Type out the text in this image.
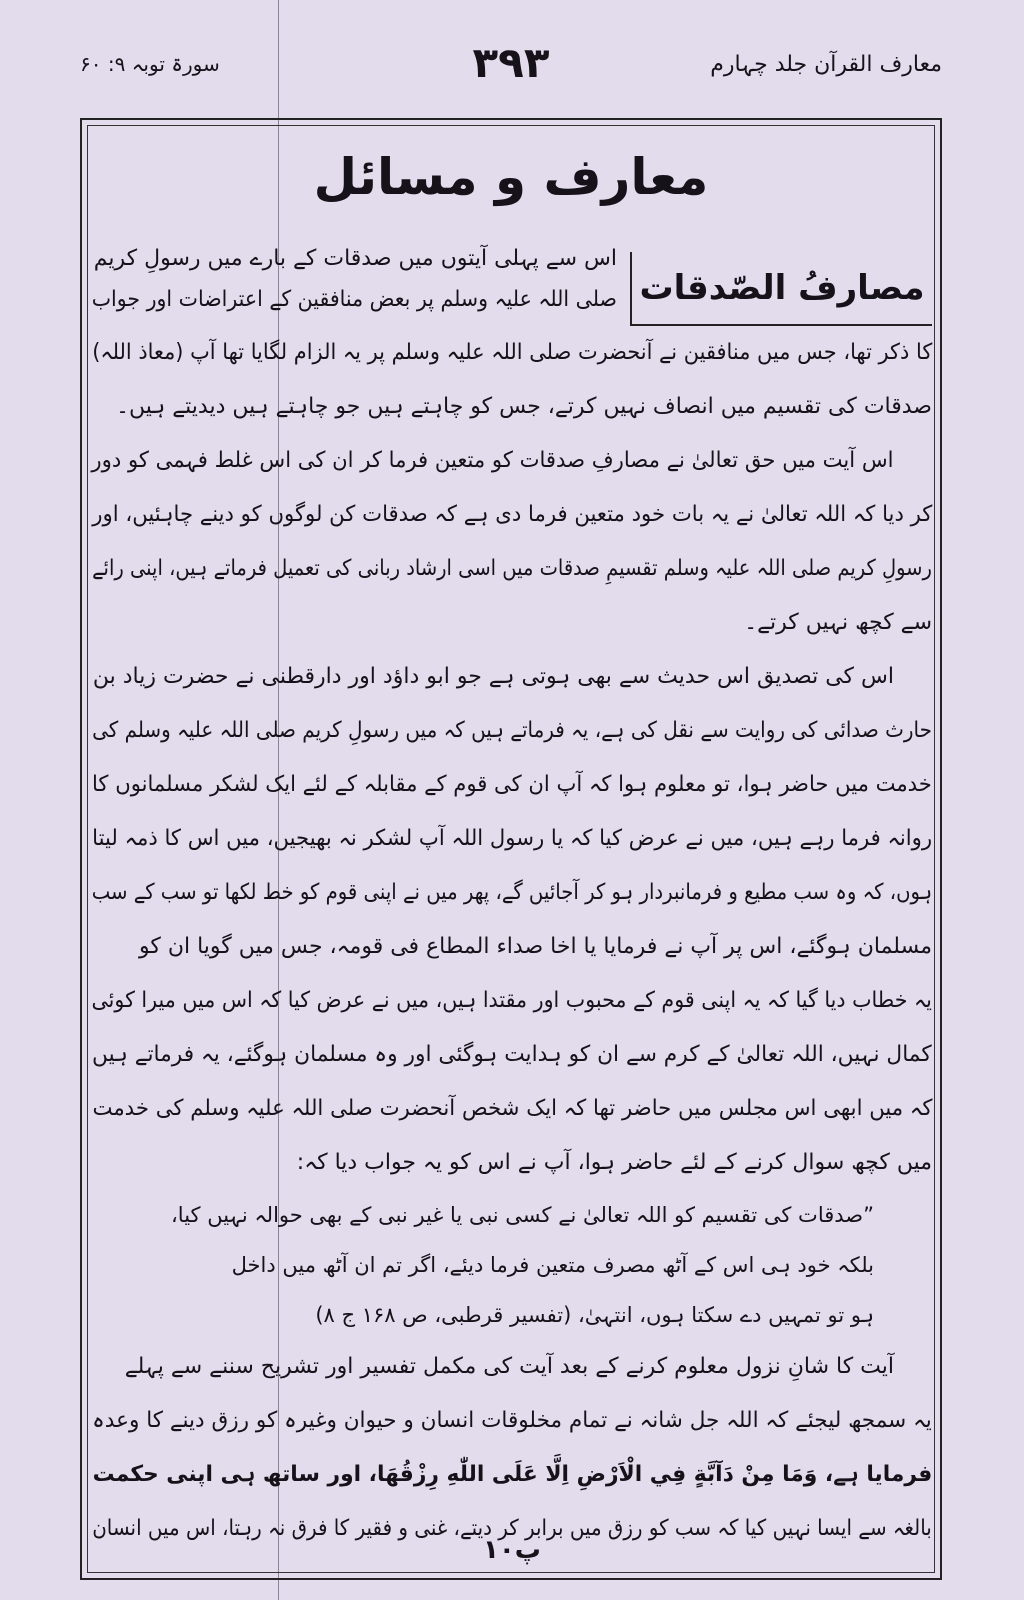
معارف القرآن جلد چہارم
۳۹۳
سورۃ توبہ ۹: ۶۰
معارف و مسائل
مصارفُ الصّدقات
اس سے پہلی آیتوں میں صدقات کے بارے میں رسولِ کریم
صلی اللہ علیہ وسلم پر بعض منافقین کے اعتراضات اور جواب
کا ذکر تھا، جس میں منافقین نے آنحضرت صلی اللہ علیہ وسلم پر یہ الزام لگایا تھا آپ (معاذ اللہ)
صدقات کی تقسیم میں انصاف نہیں کرتے، جس کو چاہتے ہیں جو چاہتے ہیں دیدیتے ہیں۔
اس آیت میں حق تعالیٰ نے مصارفِ صدقات کو متعین فرما کر ان کی اس غلط فہمی کو دور
کر دیا کہ اللہ تعالیٰ نے یہ بات خود متعین فرما دی ہے کہ صدقات کن لوگوں کو دینے چاہئیں، اور
رسولِ کریم صلی اللہ علیہ وسلم تقسیمِ صدقات میں اسی ارشاد ربانی کی تعمیل فرماتے ہیں، اپنی رائے
سے کچھ نہیں کرتے۔
اس کی تصدیق اس حدیث سے بھی ہوتی ہے جو ابو داؤد اور دارقطنی نے حضرت زیاد بن
حارث صدائی کی روایت سے نقل کی ہے، یہ فرماتے ہیں کہ میں رسولِ کریم صلی اللہ علیہ وسلم کی
خدمت میں حاضر ہوا، تو معلوم ہوا کہ آپ ان کی قوم کے مقابلہ کے لئے ایک لشکر مسلمانوں کا
روانہ فرما رہے ہیں، میں نے عرض کیا کہ یا رسول اللہ آپ لشکر نہ بھیجیں، میں اس کا ذمہ لیتا
ہوں، کہ وہ سب مطیع و فرمانبردار ہو کر آجائیں گے، پھر میں نے اپنی قوم کو خط لکھا تو سب کے سب
مسلمان ہوگئے، اس پر آپ نے فرمایا یا اخا صداء المطاع فی قومہ، جس میں گویا ان کو
یہ خطاب دیا گیا کہ یہ اپنی قوم کے محبوب اور مقتدا ہیں، میں نے عرض کیا کہ اس میں میرا کوئی
کمال نہیں، اللہ تعالیٰ کے کرم سے ان کو ہدایت ہوگئی اور وہ مسلمان ہوگئے، یہ فرماتے ہیں
کہ میں ابھی اس مجلس میں حاضر تھا کہ ایک شخص آنحضرت صلی اللہ علیہ وسلم کی خدمت
میں کچھ سوال کرنے کے لئے حاضر ہوا، آپ نے اس کو یہ جواب دیا کہ:
”صدقات کی تقسیم کو اللہ تعالیٰ نے کسی نبی یا غیر نبی کے بھی حوالہ نہیں کیا،
بلکہ خود ہی اس کے آٹھ مصرف متعین فرما دیئے، اگر تم ان آٹھ میں داخل
ہو تو تمہیں دے سکتا ہوں، انتہیٰ، (تفسیر قرطبی، ص ۱۶۸ ج ۸)
آیت کا شانِ نزول معلوم کرنے کے بعد آیت کی مکمل تفسیر اور تشریح سننے سے پہلے
یہ سمجھ لیجئے کہ اللہ جل شانہ نے تمام مخلوقات انسان و حیوان وغیرہ کو رزق دینے کا وعدہ
فرمایا ہے، وَمَا مِنْ دَآبَّةٍ فِي الْاَرْضِ اِلَّا عَلَى اللّٰهِ رِزْقُهَا، اور ساتھ ہی اپنی حکمت
بالغہ سے ایسا نہیں کیا کہ سب کو رزق میں برابر کر دیتے، غنی و فقیر کا فرق نہ رہتا، اس میں انسان
۱۰پ
